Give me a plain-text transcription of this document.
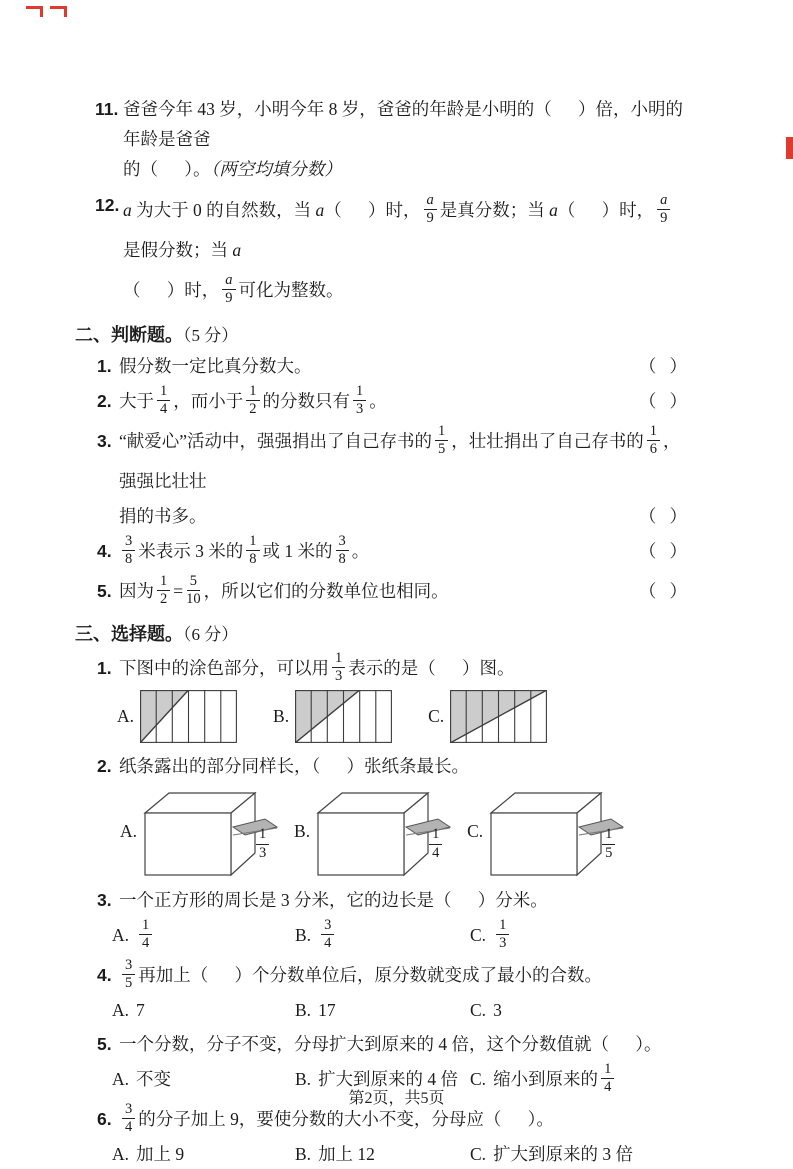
11. 爸爸今年 43 岁，小明今年 8 岁，爸爸的年龄是小明的（      ）倍，小明的年龄是爸爸
的（      ）。（两空均填分数）
12. a 为大于 0 的自然数，当 a（      ）时， $\frac{a}{9}$ 是真分数；当 a（      ）时， $\frac{a}{9}$
是假分数；当 a
（      ）时， $\frac{a}{9}$ 可化为整数。
二、判断题。（5 分）
1. 假分数一定比真分数大。	（   ）
2. 大于 $\frac{1}{4}$ ，而小于 $\frac{1}{2}$ 的分数只有 $\frac{1}{3}$ 。	（   ）
3. “献爱心”活动中，强强捐出了自己存书的 $\frac{1}{5}$ ，壮壮捐出了自己存书的 $\frac{1}{6}$ ，强强比壮壮
捐的书多。	（   ）
4. $\frac{3}{8}$ 米表示 3 米的 $\frac{1}{8}$ 或 1 米的 $\frac{3}{8}$ 。	（   ）
5. 因为 $\frac{1}{2} = \frac{5}{10}$ ，所以它们的分数单位也相同。	（   ）
三、选择题。（6 分）
1. 下图中的涂色部分，可以用 $\frac{1}{3}$ 表示的是（      ）图。
A.	B.	C.
2. 纸条露出的部分同样长，（      ）张纸条最长。
A.	$\frac{1}{3} B$.	$\frac{1}{4} C$.	$\frac{1}{5}$
3. 一个正方形的周长是 3 分米，它的边长是（      ）分米。
A. $\frac{1}{4}$	B. $\frac{3}{4}$	C. $\frac{1}{3}$
4. $\frac{3}{5}$ 再加上（      ）个分数单位后，原分数就变成了最小的合数。
A. 7	B. 17	C. 3
5. 一个分数，分子不变，分母扩大到原来的 4 倍，这个分数值就（      ）。
A. 不变	B. 扩大到原来的 4 倍 C. 缩小到原来的 $\frac{1}{4}$
6. $\frac{3}{4}$ 的分子加上 9，要使分数的大小不变，分母应（      ）。
A. 加上 9	B. 加上 12	C. 扩大到原来的 3 倍
第2页，共5页
